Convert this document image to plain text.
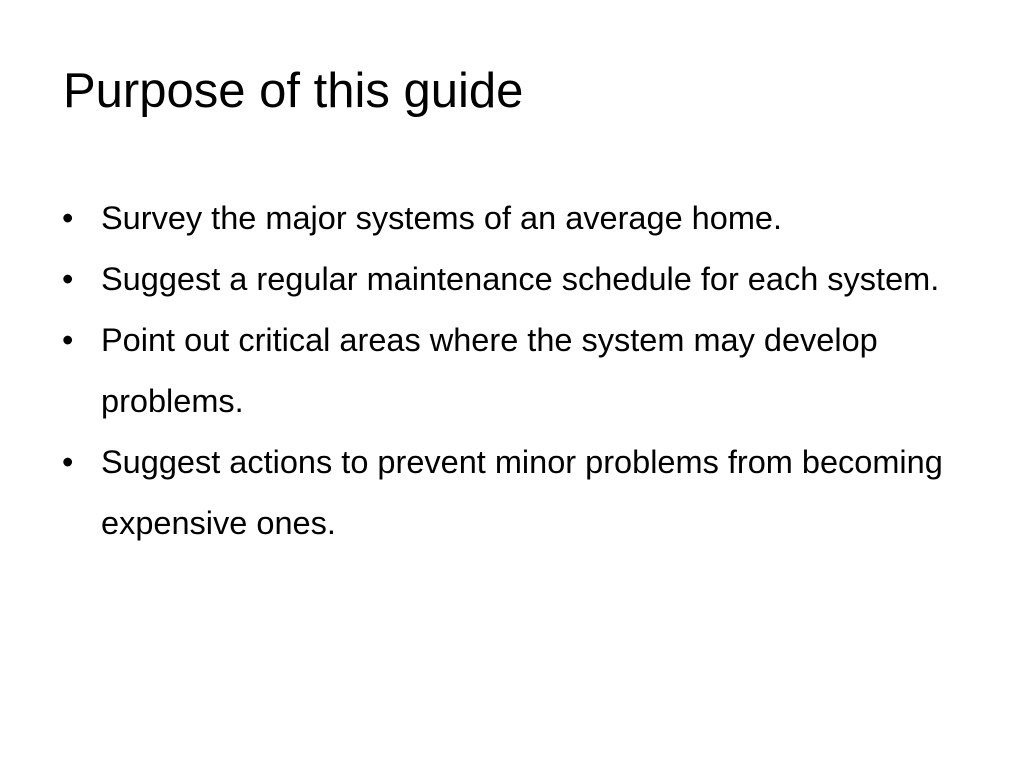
Purpose of this guide
• Survey the major systems of an average home.
• Suggest a regular maintenance schedule for each system.
• Point out critical areas where the system may develop problems.
• Suggest actions to prevent minor problems from becoming expensive ones.
